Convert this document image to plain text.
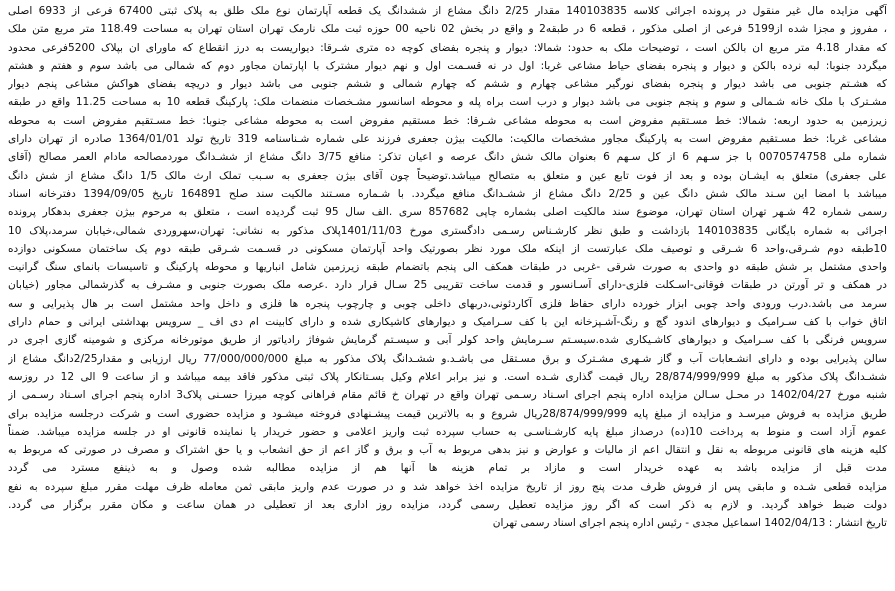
آگهی مزایده مال غیر منقول در پرونده اجرائی کلاسه 140103835 مقدار 2/25 دانگ مشاع از ششدانگ یک قطعه آپارتمان نوع ملک طلق به پلاک ثبتی 67400 فرعی از 6933 اصلی
، مفروز و مجزا شده از5199 فرعی از اصلی مذکور ، قطعه 6 در طبقه2 و واقع در بخش 02 ناحیه 00 حوزه ثبت ملک نارمک تهران استان تهران به مساحت 118.49 متر مربع متن ملک
که مقدار 4.18 متر مربع ان بالکن است ، توضیحات ملک به حدود: شمالا: دیوار و پنجره بفضای کوچه ده متری شـرقا: دیواریست به درز انقطاع که ماورای ان بپلاک 5200فرعی محدود
میگردد جنوبا: لبه نرده بالکن و دیوار و پنجره بفضای حیاط مشاعی غربا: اول در نه قسـمت اول و نهم دیوار مشترک با اپارتمان مجاور دوم که شمالی می باشد سوم و هفتم و هشتم
که هشـتم جنوبی می باشد دیوار و پنجره بفضای نورگیر مشاعی چهارم و ششم که چهارم شمالی و ششم جنوبی می باشد دیوار و دریچه بفضای هواکش مشاعی پنجم دیوار
مشـترک با ملک خانه شـمالی و سوم و پنجم جنوبی می باشد دیوار و درب است براه پله و محوطه اسانسور مشـخصات منضمات ملک: پارکینگ قطعه 10 به مساحت 11.25 واقع در طبقه
زیرزمین به حدود اربعه: شمالا: خط مسـتقیم مفروض است به محوطه مشاعی شـرقا: خط مستقیم مفروض است به محوطه مشاعی جنوبا: خط مسـتقیم مفروض است به محوطه
مشاعی غربا: خط مسـتقیم مفروض است به پارکینگ مجاور مشخصات مالکیت: مالکیت بیژن جعفری فرزند علی شماره شـناسنامه 319 تاریخ تولد 1364/01/01 صادره از تهران دارای
شماره ملی 0070574758 با جز سـهم 6 از کل سـهم 6 بعنوان مالک شش دانگ عرصه و اعیان تذکر: منافع 3/75 دانگ مشاع از ششـدانگ موردمصالحه مادام العمر مصالح (آقای
علی جعفری) متعلق به ایشـان بوده و بعد از فوت تابع عین و متعلق به متصالح میباشد.توضیحاً چون آقای بیژن جعفری به سـبب تملک ارث مالک 1/5 دانگ مشاع از شش دانگ
میباشد با امضا این سـند مالک شش دانگ عین و 2/25 دانگ مشاع از ششـدانگ منافع میگردد. با شـماره مسـتند مالکیت سند صلح 164891 تاریخ 1394/09/05 دفترخانه اسناد
رسمی شماره 42 شـهر تهران استان تهران، موضوع سند مالکیت اصلی بشماره چاپی 857682 سری .الف سال 95 ثبت گردیده است ، متعلق به مرحوم بیژن جعفری بدهکار پرونده
اجرائی به شماره بایگانی 140103835 بازداشت و طبق نظر کارشـناس رسـمی دادگستری مورخ 1401/11/03پلاک مذکور به نشانی: تهران،سهروردی شمالی،خیابان سرمد،پلاک 10
10طبقه دوم شـرقی،واحد 6 شـرقی و توصیف ملک عبارتست از اینکه ملک مورد نظر بصورتیک واحد آپارتمان مسکونی در قسـمت شـرقی طبقه دوم یک ساختمان مسکونی دوازده
واحدی مشتمل بر شش طبقه دو واحدی به صورت شرقی -غربی در طبقات همکف الی پنجم باتضمام طبقه زیرزمین شامل انباریها و محوطه پارکینگ و تاسیسات بانمای سنگ گرانیت
در همکف و تر آورتن در طبقات فوقانی-اسـکلت فلزی-دارای آسـانسور و قدمت ساخت تقریبی 25 سـال قرار دارد .عرصه ملک بصورت جنوبی و مشـرف به گذرشمالی مجاور (خیابان
سرمد می باشد.درب ورودی واحد چوبی ابزار خورده دارای حفاظ فلزی آکاردئونی،دربهای داخلی چوبی و چارچوب پنجره ها فلزی و داخل واحد مشتمل است بر هال پذیرایی و سه
اتاق خواب با کف سـرامیک و دیوارهای اندود گچ و رنگ-آشـپزخانه این با کف سـرامیک و دیوارهای کاشیکاری شده و دارای کابینت ام دی اف _ سرویس بهداشتی ایرانی و حمام دارای
سرویس فرنگی با کف سـرامیک و دیوارهای کاشـیکاری شده.سیسـتم سـرمایش واحد کولر آبی و سیسـتم گرمایش شوفاژ رادیاتور از طریق موتورخانه مرکزی و شومینه گازی اجری در
سالن پذیرایی بوده و دارای انشـعابات آب و گاز شـهری مشـترک و برق مسـتقل می باشـد.و ششـدانگ پلاک مذکور به مبلغ 77/000/000/000 ریال ارزیابی و مقدار2/25دانگ مشاع از
ششـدانگ پلاک مذکور به مبلغ 28/874/999/999 ریال قیمت گذاری شـده است. و نیز برابر اعلام وکیل بسـتانکار پلاک ثبتی مذکور فاقد بیمه میباشد و از ساعت 9 الی 12 در روزسه
شنبه مورخ 1402/04/27 در محـل سـالن مزایده اداره پنجم اجرای اسـناد رسـمی تهران واقع در تهران خ قائم مقام فراهانی کوچه میرزا حسـنی پلاک3 اداره پنجم اجرای اسـناد رسـمی از
طریق مزایده به فروش میرسـد و مزایده از مبلغ پایه 28/874/999/999ریال شروع و به بالاترین قیمت پیشـنهادی فروخته میشـود و مزایده حضوری است و شرکت درجلسه مزایده برای
عموم آزاد است و منوط به پرداخت 10(ده) درصداز مبلغ پایه کارشـناسـی به حساب سپرده ثبت واریز اعلامی و حضور خریدار یا نماینده قانونی او در جلسه مزایده میباشد. ضمناً
کلیه هزینه های قانونی مربوطه به نقل و انتقال اعم از مالیات و عوارض و نیز بدهی مربوط به آب و برق و گاز اعم از حق انشعاب و یا حق اشتراک و مصرف در صورتی که مربوط به
مدت قبل از مزایده باشد به عهده خریدار است و مازاد بر تمام هزینه ها آنها هم از مزایده مطالبه شده وصول و به ذینفع مسترد می گردد
مزایده قطعی شـده و مابقی پس از فروش ظرف مدت پنج روز از تاریخ مزایده اخذ خواهد شد و در صورت عدم واریز مابقی ثمن معامله ظرف مهلت مقرر مبلغ سپرده به نفع
دولت ضبط خواهد گردید. و لازم به ذکر است که اگر روز مزایده تعطیل رسمی گردد، مزایده روز اداری بعد از تعطیلی در همان ساعت و مکان مقرر برگزار می گردد.
تاریخ انتشار : 1402/04/13 اسماعیل مجدی - رئیس اداره پنجم اجرای اسناد رسمی تهران
